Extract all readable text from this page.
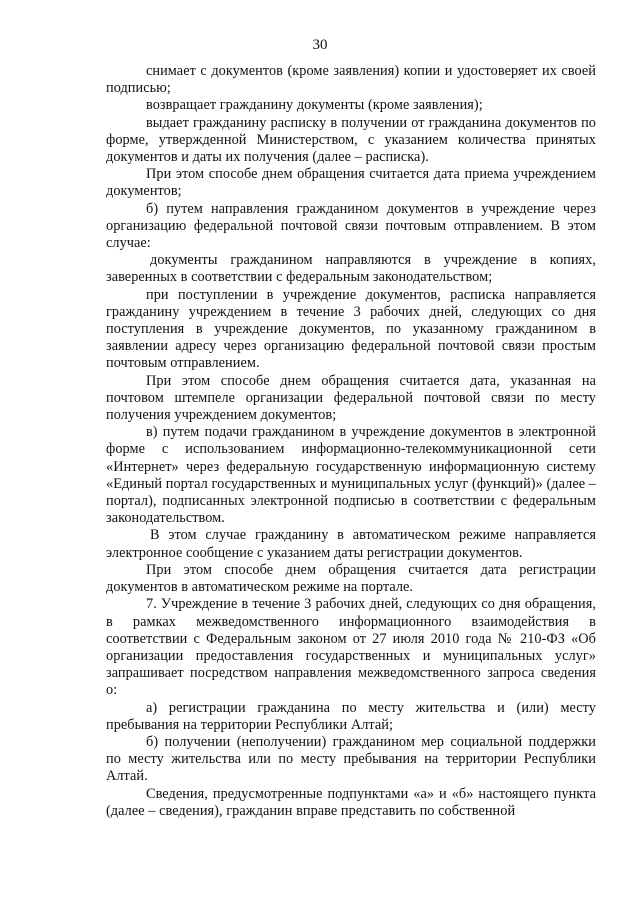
30

снимает с документов (кроме заявления) копии и удостоверяет их своей подписью;

возвращает гражданину документы (кроме заявления);

выдает гражданину расписку в получении от гражданина документов по форме, утвержденной Министерством, с указанием количества принятых документов и даты их получения (далее – расписка).

При этом способе днем обращения считается дата приема учреждением документов;

б) путем направления гражданином документов в учреждение через организацию федеральной почтовой связи почтовым отправлением. В этом случае:

документы гражданином направляются в учреждение в копиях, заверенных в соответствии с федеральным законодательством;

при поступлении в учреждение документов, расписка направляется гражданину учреждением в течение 3 рабочих дней, следующих со дня поступления в учреждение документов, по указанному гражданином в заявлении адресу через организацию федеральной почтовой связи простым почтовым отправлением.

При этом способе днем обращения считается дата, указанная на почтовом штемпеле организации федеральной почтовой связи по месту получения учреждением документов;

в) путем подачи гражданином в учреждение документов в электронной форме с использованием информационно-телекоммуникационной сети «Интернет» через федеральную государственную информационную систему «Единый портал государственных и муниципальных услуг (функций)» (далее – портал), подписанных электронной подписью в соответствии с федеральным законодательством.

В этом случае гражданину в автоматическом режиме направляется электронное сообщение с указанием даты регистрации документов.

При этом способе днем обращения считается дата регистрации документов в автоматическом режиме на портале.

7. Учреждение в течение 3 рабочих дней, следующих со дня обращения, в рамках межведомственного информационного взаимодействия в соответствии с Федеральным законом от 27 июля 2010 года № 210-ФЗ «Об организации предоставления государственных и муниципальных услуг» запрашивает посредством направления межведомственного запроса сведения о:

а) регистрации гражданина по месту жительства и (или) месту пребывания на территории Республики Алтай;

б) получении (неполучении) гражданином мер социальной поддержки по месту жительства или по месту пребывания на территории Республики Алтай.

Сведения, предусмотренные подпунктами «а» и «б» настоящего пункта (далее – сведения), гражданин вправе представить по собственной
